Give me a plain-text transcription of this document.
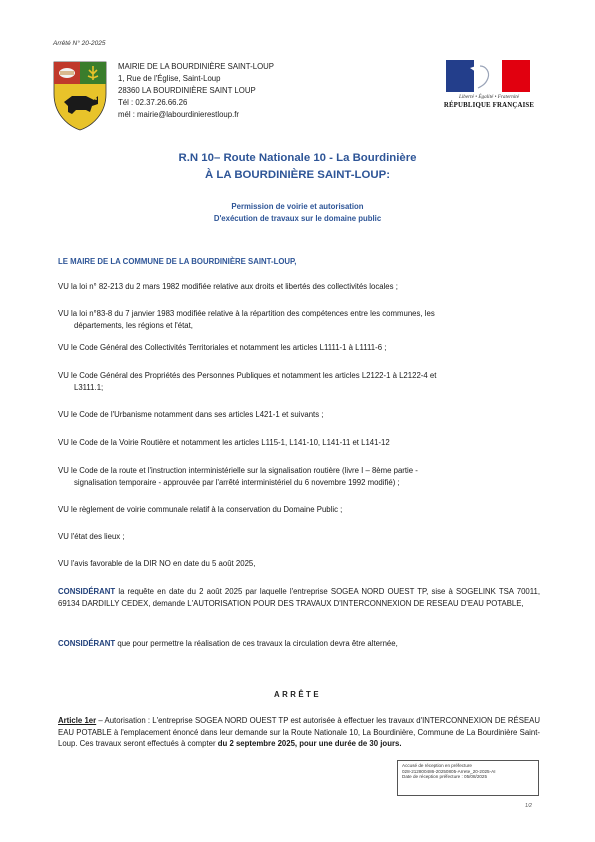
Arrêté N° 20-2025
MAIRIE DE LA BOURDINIÈRE SAINT-LOUP
1, Rue de l'Église, Saint-Loup
28360 LA BOURDINIÈRE SAINT LOUP
Tél : 02.37.26.66.26
mél : mairie@labourdinierestloup.fr
Liberté • Égalité • Fraternité
RÉPUBLIQUE FRANÇAISE
R.N 10– Route Nationale 10 - La Bourdinière
À LA BOURDINIÈRE SAINT-LOUP:
Permission de voirie et autorisation
D'exécution de travaux sur le domaine public
LE MAIRE DE LA COMMUNE DE LA BOURDINIÈRE SAINT-LOUP,
VU la loi n° 82-213 du 2 mars 1982 modifiée relative aux droits et libertés des collectivités locales ;
VU la loi n°83-8 du 7 janvier 1983 modifiée relative à la répartition des compétences entre les communes, les
départements, les régions et l'état,
VU le Code Général des Collectivités Territoriales et notamment les articles L1111-1 à L1111-6 ;
VU le Code Général des Propriétés des Personnes Publiques et notamment les articles L2122-1 à L2122-4 et
L3111.1;
VU le Code de l'Urbanisme notamment dans ses articles L421-1 et suivants ;
VU le Code de la Voirie Routière et notamment les articles L115-1, L141-10, L141-11 et L141-12
VU le Code de la route et l'instruction interministérielle sur la signalisation routière (livre I – 8ème partie -
signalisation temporaire - approuvée par l'arrêté interministériel du 6 novembre 1992 modifié) ;
VU le règlement de voirie communale relatif à la conservation du Domaine Public ;
VU l'état des lieux ;
VU l'avis favorable de la DIR NO en date du 5 août 2025,
CONSIDÉRANT la requête en date du 2 août 2025 par laquelle l'entreprise SOGEA NORD OUEST TP, sise à SOGELINK TSA 70011, 69134 DARDILLY CEDEX, demande L'AUTORISATION POUR DES TRAVAUX D'INTERCONNEXION DE RESEAU D'EAU POTABLE,
CONSIDÉRANT que pour permettre la réalisation de ces travaux la circulation devra être alternée,
ARRÊTE
Article 1er – Autorisation : L'entreprise SOGEA NORD OUEST TP est autorisée à effectuer les travaux d'INTERCONNEXION DE RÉSEAU EAU POTABLE à l'emplacement énoncé dans leur demande sur la Route Nationale 10, La Bourdinière, Commune de La Bourdinière Saint-Loup. Ces travaux seront effectués à compter du 2 septembre 2025, pour une durée de 30 jours.
Accusé de réception en préfecture
028-212800486-20250805-Arrete_20-2025-AI
Date de réception préfecture : 05/08/2025
1/2
